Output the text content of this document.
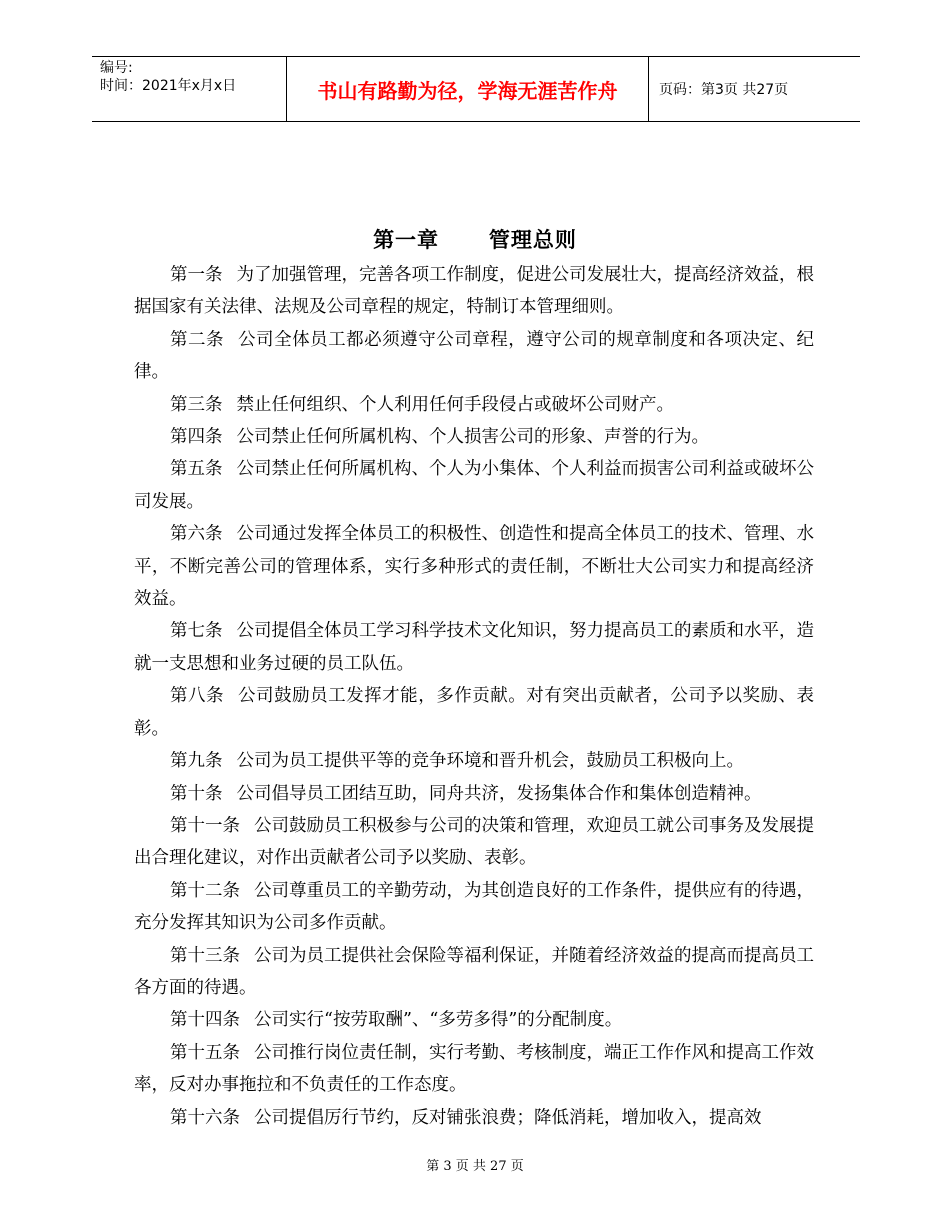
编号:
时间：2021年x月x日	书山有路勤为径，学海无涯苦作舟	页码：第3页 共27页
第一章      管理总则

第一条 为了加强管理，完善各项工作制度，促进公司发展壮大，提高经济效益，根据国家有关法律、法规及公司章程的规定，特制订本管理细则。

第二条 公司全体员工都必须遵守公司章程，遵守公司的规章制度和各项决定、纪律。

第三条 禁止任何组织、个人利用任何手段侵占或破坏公司财产。

第四条 公司禁止任何所属机构、个人损害公司的形象、声誉的行为。

第五条 公司禁止任何所属机构、个人为小集体、个人利益而损害公司利益或破坏公司发展。

第六条 公司通过发挥全体员工的积极性、创造性和提高全体员工的技术、管理、水平，不断完善公司的管理体系，实行多种形式的责任制，不断壮大公司实力和提高经济效益。

第七条 公司提倡全体员工学习科学技术文化知识，努力提高员工的素质和水平，造就一支思想和业务过硬的员工队伍。

第八条 公司鼓励员工发挥才能，多作贡献。对有突出贡献者，公司予以奖励、表彰。

第九条 公司为员工提供平等的竞争环境和晋升机会，鼓励员工积极向上。

第十条 公司倡导员工团结互助，同舟共济，发扬集体合作和集体创造精神。

第十一条 公司鼓励员工积极参与公司的决策和管理，欢迎员工就公司事务及发展提出合理化建议，对作出贡献者公司予以奖励、表彰。

第十二条 公司尊重员工的辛勤劳动，为其创造良好的工作条件，提供应有的待遇，充分发挥其知识为公司多作贡献。

第十三条 公司为员工提供社会保险等福利保证，并随着经济效益的提高而提高员工各方面的待遇。

第十四条 公司实行“按劳取酬”、“多劳多得”的分配制度。

第十五条 公司推行岗位责任制，实行考勤、考核制度，端正工作作风和提高工作效率，反对办事拖拉和不负责任的工作态度。

第十六条 公司提倡厉行节约，反对铺张浪费；降低消耗，增加收入，提高效

第 3 页 共 27 页
